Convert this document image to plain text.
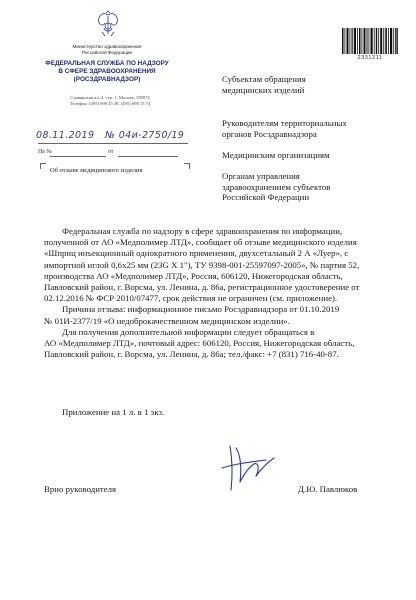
Министерство здравоохранения
Российской Федерации
ФЕДЕРАЛЬНАЯ СЛУЖБА ПО НАДЗОРУ
В СФЕРЕ ЗДРАВООХРАНЕНИЯ
(РОСЗДРАВНАДЗОР)
Славянская пл. 4, стр. 1, Москва, 109074
Телефон: (495) 698 45 38, (495) 698 15 74
08.11.2019 № 04и-2750/19
На №	от
Об отзыве медицинского изделия
2331211
Субъектам обращения
медицинских изделий
Руководителям территориальных
органов Росздравнадзора
Медицинским организациям
Органам управления
здравоохранением субъектов
Российской Федерации
Федеральная служба по надзору в сфере здравоохранения по информации,
полученной от АО «Медполимер ЛТД», сообщает об отзыве медицинского изделия
«Шприц инъекционный однократного применения, двухсетальный 2 А «Луер», с
импортной иглой 0,6х25 мм (23G X 1"), ТУ 9398-001-25597097-2005», № партия 52,
производства АО «Медполимер ЛТД», Россия, 606120, Нижегородская область,
Павловский район, г. Ворсма, ул. Ленина, д. 86а, регистрационное удостоверение от
02.12.2016 № ФСР 2010/07477, срок действия не ограничен (см. приложение).
Причина отзыва: информационное письмо Росздравнадзора от 01.10.2019
№ 01И-2377/19 «О недоброкачественном медицинском изделии».
Для получения дополнительной информации следует обращаться в
АО «Медполимер ЛТД», почтовый адрес: 606120, Россия, Нижегородская область,
Павловский район, г. Ворсма, ул. Ленина, д. 86а; тел./факс: +7 (831) 716-40-87.
Приложение на 1 л. в 1 экз.
Врио руководителя	Д.Ю. Павлюков
